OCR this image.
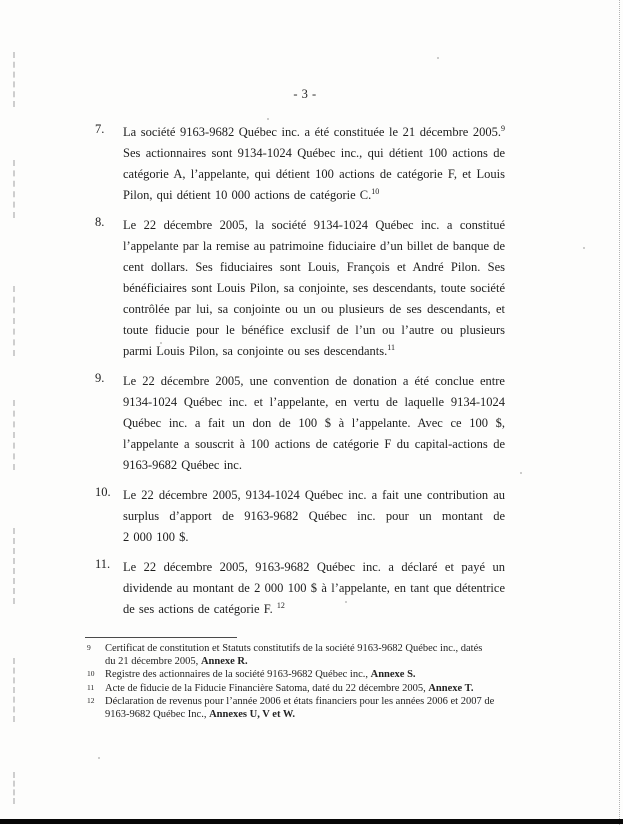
- 3 -
7. La société 9163-9682 Québec inc. a été constituée le 21 décembre 2005.$^9$ Ses actionnaires sont 9134-1024 Québec inc., qui détient 100 actions de catégorie A, l’appelante, qui détient 100 actions de catégorie F, et Louis Pilon, qui détient 10 000 actions de catégorie C.$^{10}$
8. Le 22 décembre 2005, la société 9134-1024 Québec inc. a constitué l’appelante par la remise au patrimoine fiduciaire d’un billet de banque de cent dollars. Ses fiduciaires sont Louis, François et André Pilon. Ses bénéficiaires sont Louis Pilon, sa conjointe, ses descendants, toute société contrôlée par lui, sa conjointe ou un ou plusieurs de ses descendants, et toute fiducie pour le bénéfice exclusif de l’un ou l’autre ou plusieurs parmi Louis Pilon, sa conjointe ou ses descendants.$^{11}$
9. Le 22 décembre 2005, une convention de donation a été conclue entre 9134-1024 Québec inc. et l’appelante, en vertu de laquelle 9134-1024 Québec inc. a fait un don de 100 $ à l’appelante. Avec ce 100 $, l’appelante a souscrit à 100 actions de catégorie F du capital-actions de 9163-9682 Québec inc.
10. Le 22 décembre 2005, 9134-1024 Québec inc. a fait une contribution au surplus d’apport de 9163-9682 Québec inc. pour un montant de 2 000 100 $.
11. Le 22 décembre 2005, 9163-9682 Québec inc. a déclaré et payé un dividende au montant de 2 000 100 $ à l’appelante, en tant que détentrice de ses actions de catégorie F. $^{12}$
9 Certificat de constitution et Statuts constitutifs de la société 9163-9682 Québec inc., datés du 21 décembre 2005, Annexe R.
10 Registre des actionnaires de la société 9163-9682 Québec inc., Annexe S.
11 Acte de fiducie de la Fiducie Financière Satoma, daté du 22 décembre 2005, Annexe T.
12 Déclaration de revenus pour l’année 2006 et états financiers pour les années 2006 et 2007 de 9163-9682 Québec Inc., Annexes U, V et W.
